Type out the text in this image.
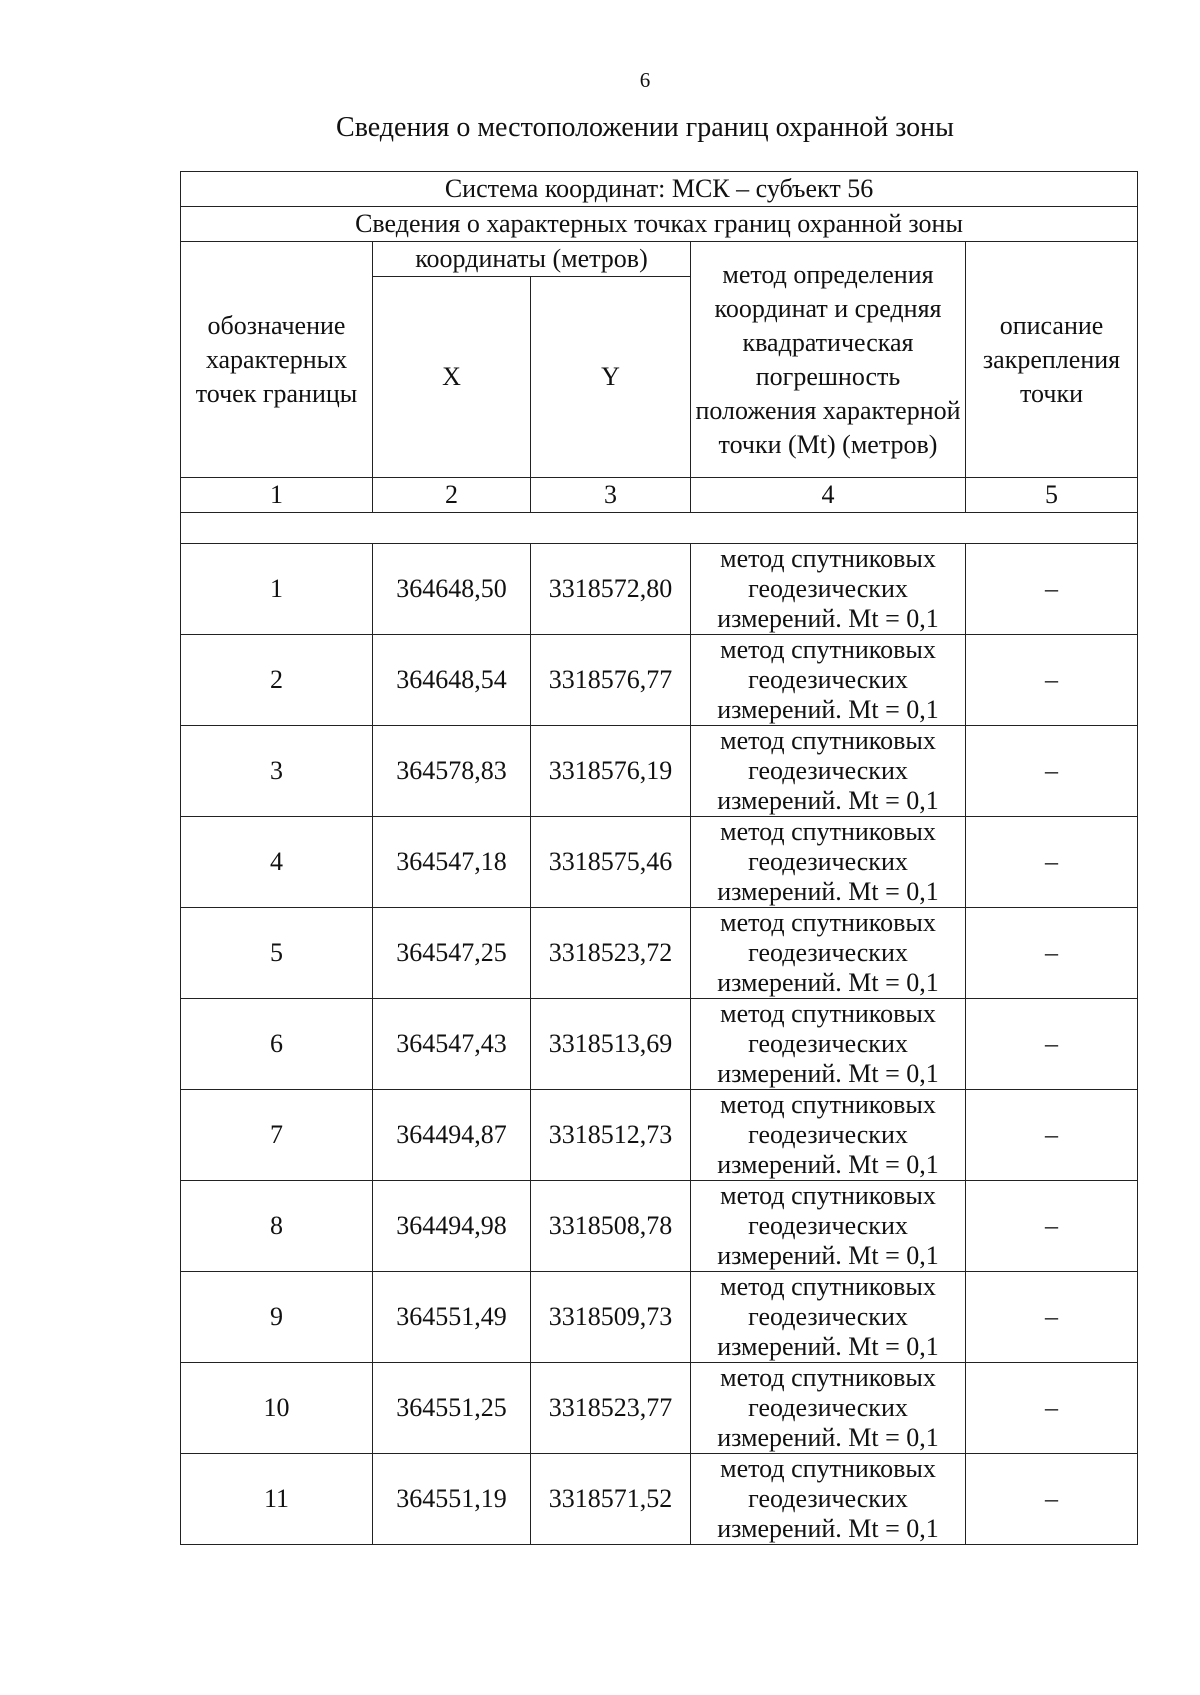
6
Сведения о местоположении границ охранной зоны
Система координат: МСК – субъект 56				
Сведения о характерных точках границ охранной зоны				
обозначение характерных точек границы	координаты (метров)		метод определения координат и средняя квадратическая погрешность положения характерной точки (Mt) (метров)	описание закрепления точки
	X	Y		
1	2	3	4	5

1	364648,50	3318572,80	метод спутниковых геодезических измерений. Mt = 0,1	–
2	364648,54	3318576,77	метод спутниковых геодезических измерений. Mt = 0,1	–
3	364578,83	3318576,19	метод спутниковых геодезических измерений. Mt = 0,1	–
4	364547,18	3318575,46	метод спутниковых геодезических измерений. Mt = 0,1	–
5	364547,25	3318523,72	метод спутниковых геодезических измерений. Mt = 0,1	–
6	364547,43	3318513,69	метод спутниковых геодезических измерений. Mt = 0,1	–
7	364494,87	3318512,73	метод спутниковых геодезических измерений. Mt = 0,1	–
8	364494,98	3318508,78	метод спутниковых геодезических измерений. Mt = 0,1	–
9	364551,49	3318509,73	метод спутниковых геодезических измерений. Mt = 0,1	–
10	364551,25	3318523,77	метод спутниковых геодезических измерений. Mt = 0,1	–
11	364551,19	3318571,52	метод спутниковых геодезических измерений. Mt = 0,1	–
